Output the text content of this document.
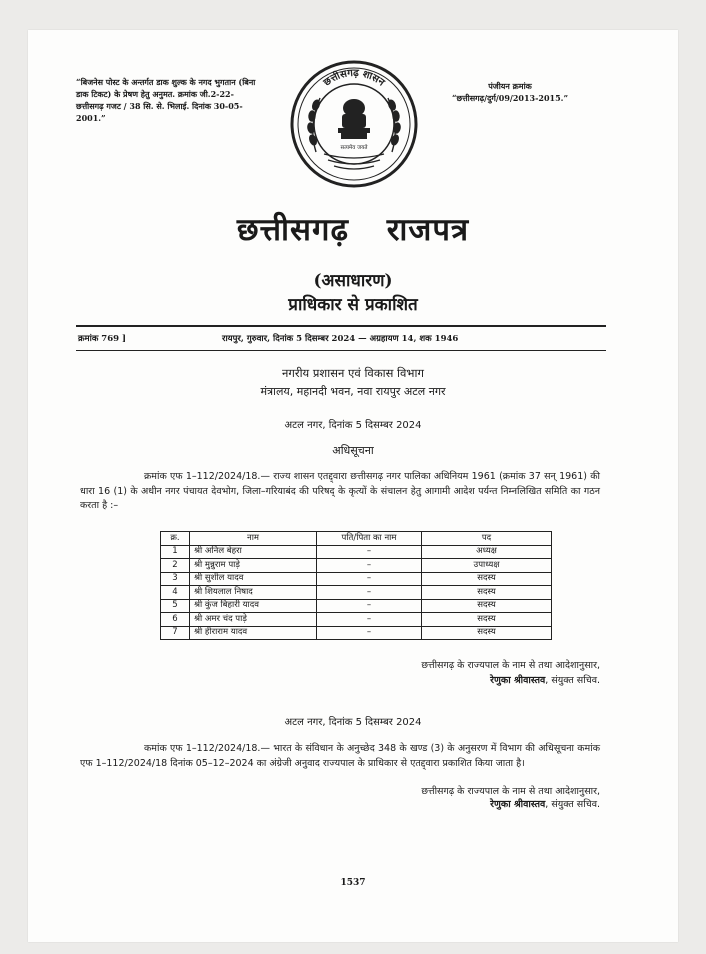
“बिजनेस पोस्ट के अन्तर्गत डाक शुल्क के नगद भुगतान (बिना डाक टिकट) के प्रेषण हेतु अनुमत. क्रमांक जी.2-22-छत्तीसगढ़ गजट / 38 सि. से. भिलाई. दिनांक 30-05-2001.”
पंजीयन क्रमांक
“छत्तीसगढ़/दुर्ग/09/2013-2015.”
छत्तीसगढ़ शासन
सत्यमेव जयते
छत्तीसगढ़ राजपत्र
(असाधारण)
प्राधिकार से प्रकाशित
क्रमांक 769 ]	रायपुर, गुरुवार, दिनांक 5 दिसम्बर 2024 — अग्रहायण 14, शक 1946
नगरीय प्रशासन एवं विकास विभाग
मंत्रालय, महानदी भवन, नवा रायपुर अटल नगर
अटल नगर, दिनांक 5 दिसम्बर 2024
अधिसूचना
क्रमांक एफ 1–112/2024/18.— राज्य शासन एतद्द्वारा छत्तीसगढ़ नगर पालिका अधिनियम 1961 (क्रमांक 37 सन् 1961) की धारा 16 (1) के अधीन नगर पंचायत देवभोग, जिला–गरियाबंद की परिषद् के कृत्यों के संचालन हेतु आगामी आदेश पर्यन्त निम्नलिखित समिति का गठन करता है :–
क्र.	नाम	पति/पिता का नाम	पद
1	श्री अनिल बेहरा	–	अध्यक्ष
2	श्री मुन्नुराम पाड़े	–	उपाध्यक्ष
3	श्री सुशील यादव	–	सदस्य
4	श्री शियलाल निषाद	–	सदस्य
5	श्री कुंज बिहारी यादव	–	सदस्य
6	श्री अमर चंद पाड़े	–	सदस्य
7	श्री हीराराम यादव	–	सदस्य
छत्तीसगढ़ के राज्यपाल के नाम से तथा आदेशानुसार,
रेणुका श्रीवास्तव, संयुक्त सचिव.
अटल नगर, दिनांक 5 दिसम्बर 2024
कमांक एफ 1–112/2024/18.— भारत के संविधान के अनुच्छेद 348 के खण्ड (3) के अनुसरण में विभाग की अधिसूचना कमांक एफ 1–112/2024/18 दिनांक 05–12–2024 का अंग्रेजी अनुवाद राज्यपाल के प्राधिकार से एतद्द्वारा प्रकाशित किया जाता है।
छत्तीसगढ़ के राज्यपाल के नाम से तथा आदेशानुसार,
रेणुका श्रीवास्तव, संयुक्त सचिव.
1537
